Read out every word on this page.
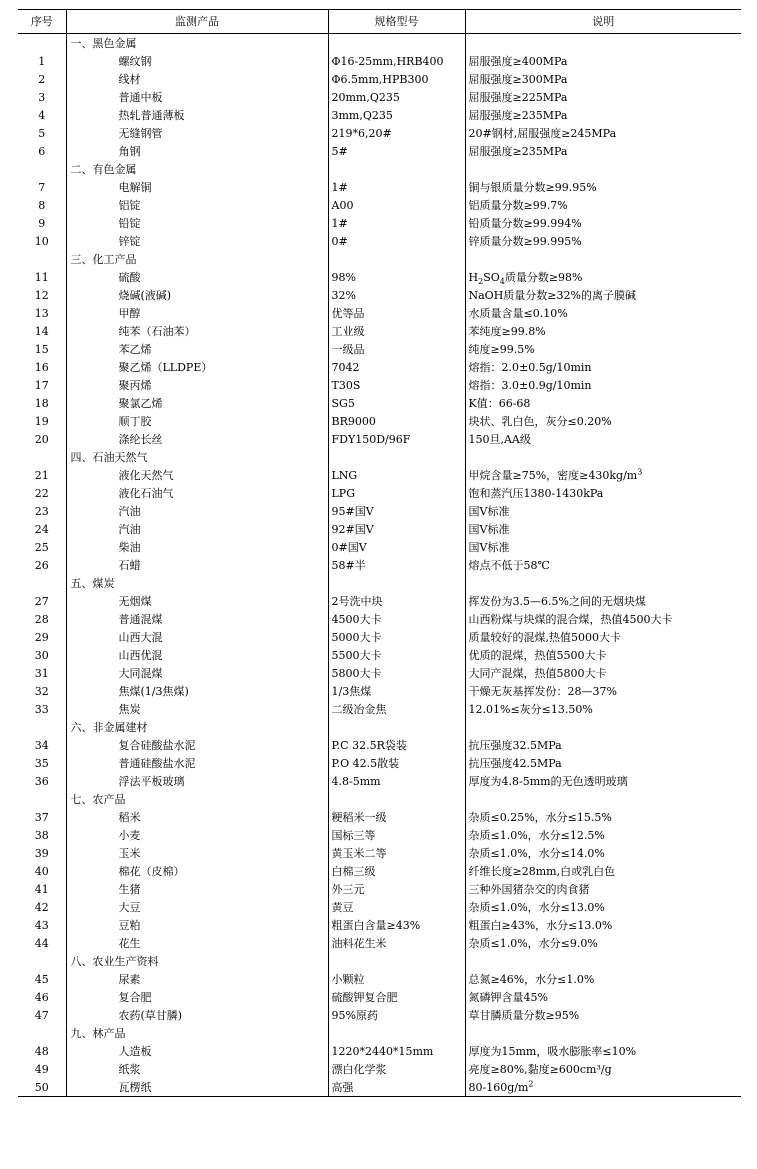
序号	监测产品	规格型号	说明
	一、黑色金属		
1	螺纹钢	Φ16-25mm,HRB400	屈服强度≥400MPa
2	线材	Φ6.5mm,HPB300	屈服强度≥300MPa
3	普通中板	20mm,Q235	屈服强度≥225MPa
4	热轧普通薄板	3mm,Q235	屈服强度≥235MPa
5	无缝钢管	219*6,20#	20#钢材,屈服强度≥245MPa
6	角钢	5#	屈服强度≥235MPa
	二、有色金属		
7	电解铜	1#	铜与银质量分数≥99.95%
8	铝锭	A00	铝质量分数≥99.7%
9	铅锭	1#	铅质量分数≥99.994%
10	锌锭	0#	锌质量分数≥99.995%
	三、化工产品		
11	硫酸	98%	$H_2SO_4$质量分数≥98%
12	烧碱(液碱)	32%	NaOH质量分数≥32%的离子膜碱
13	甲醇	优等品	水质量含量≤0.10%
14	纯苯（石油苯）	工业级	苯纯度≥99.8%
15	苯乙烯	一级品	纯度≥99.5%
16	聚乙烯（LLDPE）	7042	熔指：2.0±0.5g/10min
17	聚丙烯	T30S	熔指：3.0±0.9g/10min
18	聚氯乙烯	SG5	K值：66-68
19	顺丁胶	BR9000	块状、乳白色，灰分≤0.20%
20	涤纶长丝	FDY150D/96F	150旦,AA级
	四、石油天然气		
21	液化天然气	LNG	甲烷含量≥75%，密度$\ge 430kg/m^3$
22	液化石油气	LPG	饱和蒸汽压1380-1430kPa
23	汽油	95#国Ⅴ	国Ⅴ标准
24	汽油	92#国Ⅴ	国Ⅴ标准
25	柴油	0#国Ⅴ	国Ⅴ标准
26	石蜡	58#半	熔点不低于58℃
	五、煤炭		
27	无烟煤	2号洗中块	挥发份为3.5—6.5%之间的无烟块煤
28	普通混煤	4500大卡	山西粉煤与块煤的混合煤，热值4500大卡
29	山西大混	5000大卡	质量较好的混煤,热值5000大卡
30	山西优混	5500大卡	优质的混煤，热值5500大卡
31	大同混煤	5800大卡	大同产混煤，热值5800大卡
32	焦煤(1/3焦煤)	1/3焦煤	干燥无灰基挥发份：28—37%
33	焦炭	二级冶金焦	12.01%≤灰分≤13.50%
	六、非金属建材		
34	复合硅酸盐水泥	P.C 32.5R袋装	抗压强度32.5MPa
35	普通硅酸盐水泥	P.O 42.5散装	抗压强度42.5MPa
36	浮法平板玻璃	4.8-5mm	厚度为4.8-5mm的无色透明玻璃
	七、农产品		
37	稻米	粳稻米一级	杂质≤0.25%，水分≤15.5%
38	小麦	国标三等	杂质≤1.0%，水分≤12.5%
39	玉米	黄玉米二等	杂质≤1.0%，水分≤14.0%
40	棉花（皮棉）	白棉三级	纤维长度≥28mm,白或乳白色
41	生猪	外三元	三种外国猪杂交的肉食猪
42	大豆	黄豆	杂质≤1.0%，水分≤13.0%
43	豆粕	粗蛋白含量≥43%	粗蛋白≥43%，水分≤13.0%
44	花生	油料花生米	杂质≤1.0%，水分≤9.0%
	八、农业生产资料		
45	尿素	小颗粒	总氮≥46%，水分≤1.0%
46	复合肥	硫酸钾复合肥	氮磷钾含量45%
47	农药(草甘膦)	95%原药	草甘膦质量分数≥95%
	九、林产品		
48	人造板	1220*2440*15mm	厚度为15mm，吸水膨胀率≤10%
49	纸浆	漂白化学浆	亮度≥80%,黏度≥600cm³/g
50	瓦楞纸	高强	$80-160g/m^2$
